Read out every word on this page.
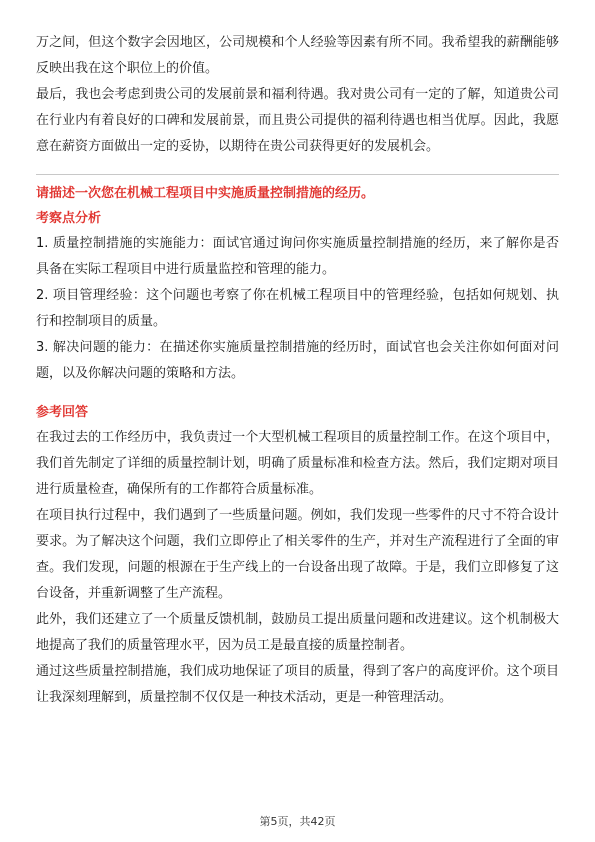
万之间，但这个数字会因地区，公司规模和个人经验等因素有所不同。我希望我的薪酬能够反映出我在这个职位上的价值。

最后，我也会考虑到贵公司的发展前景和福利待遇。我对贵公司有一定的了解，知道贵公司在行业内有着良好的口碑和发展前景，而且贵公司提供的福利待遇也相当优厚。因此，我愿意在薪资方面做出一定的妥协，以期待在贵公司获得更好的发展机会。

请描述一次您在机械工程项目中实施质量控制措施的经历。

考察点分析

1. 质量控制措施的实施能力：面试官通过询问你实施质量控制措施的经历，来了解你是否具备在实际工程项目中进行质量监控和管理的能力。

2. 项目管理经验：这个问题也考察了你在机械工程项目中的管理经验，包括如何规划、执行和控制项目的质量。

3. 解决问题的能力：在描述你实施质量控制措施的经历时，面试官也会关注你如何面对问题，以及你解决问题的策略和方法。

参考回答

在我过去的工作经历中，我负责过一个大型机械工程项目的质量控制工作。在这个项目中，我们首先制定了详细的质量控制计划，明确了质量标准和检查方法。然后，我们定期对项目进行质量检查，确保所有的工作都符合质量标准。

在项目执行过程中，我们遇到了一些质量问题。例如，我们发现一些零件的尺寸不符合设计要求。为了解决这个问题，我们立即停止了相关零件的生产，并对生产流程进行了全面的审查。我们发现，问题的根源在于生产线上的一台设备出现了故障。于是，我们立即修复了这台设备，并重新调整了生产流程。

此外，我们还建立了一个质量反馈机制，鼓励员工提出质量问题和改进建议。这个机制极大地提高了我们的质量管理水平，因为员工是最直接的质量控制者。

通过这些质量控制措施，我们成功地保证了项目的质量，得到了客户的高度评价。这个项目让我深刻理解到，质量控制不仅仅是一种技术活动，更是一种管理活动。

第5页，共42页
